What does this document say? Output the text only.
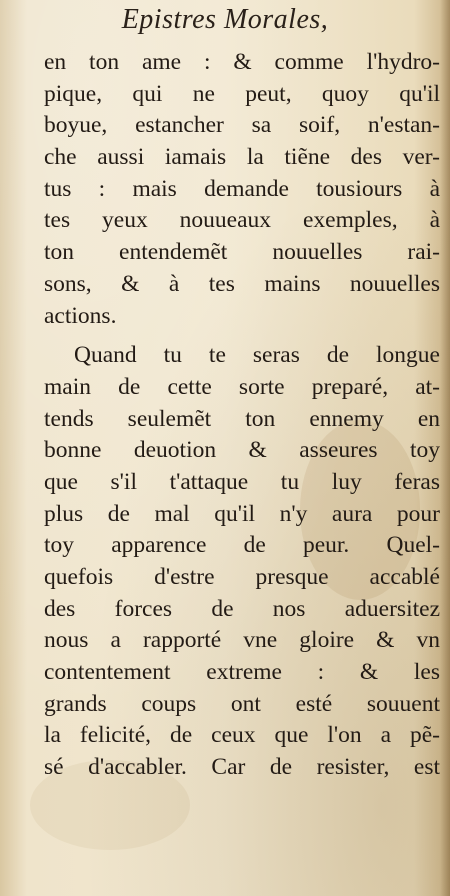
Epistres Morales,
en ton ame : & comme l'hydro-
pique, qui ne peut, quoy qu'il
boyue, estancher sa soif, n'estan-
che aussi iamais la tiẽne des ver-
tus : mais demande tousiours à
tes yeux nouueaux exemples, à
ton entendemẽt nouuelles rai-
sons, & à tes mains nouuelles
actions.
Quand tu te seras de longue
main de cette sorte preparé, at-
tends seulemẽt ton ennemy en
bonne deuotion & asseures toy
que s'il t'attaque tu luy feras
plus de mal qu'il n'y aura pour
toy apparence de peur. Quel-
quefois d'estre presque accablé
des forces de nos aduersitez
nous a rapporté vne gloire & vn
contentement extreme : & les
grands coups ont esté souuent
la felicité, de ceux que l'on a pẽ-
sé d'accabler. Car de resister, est
